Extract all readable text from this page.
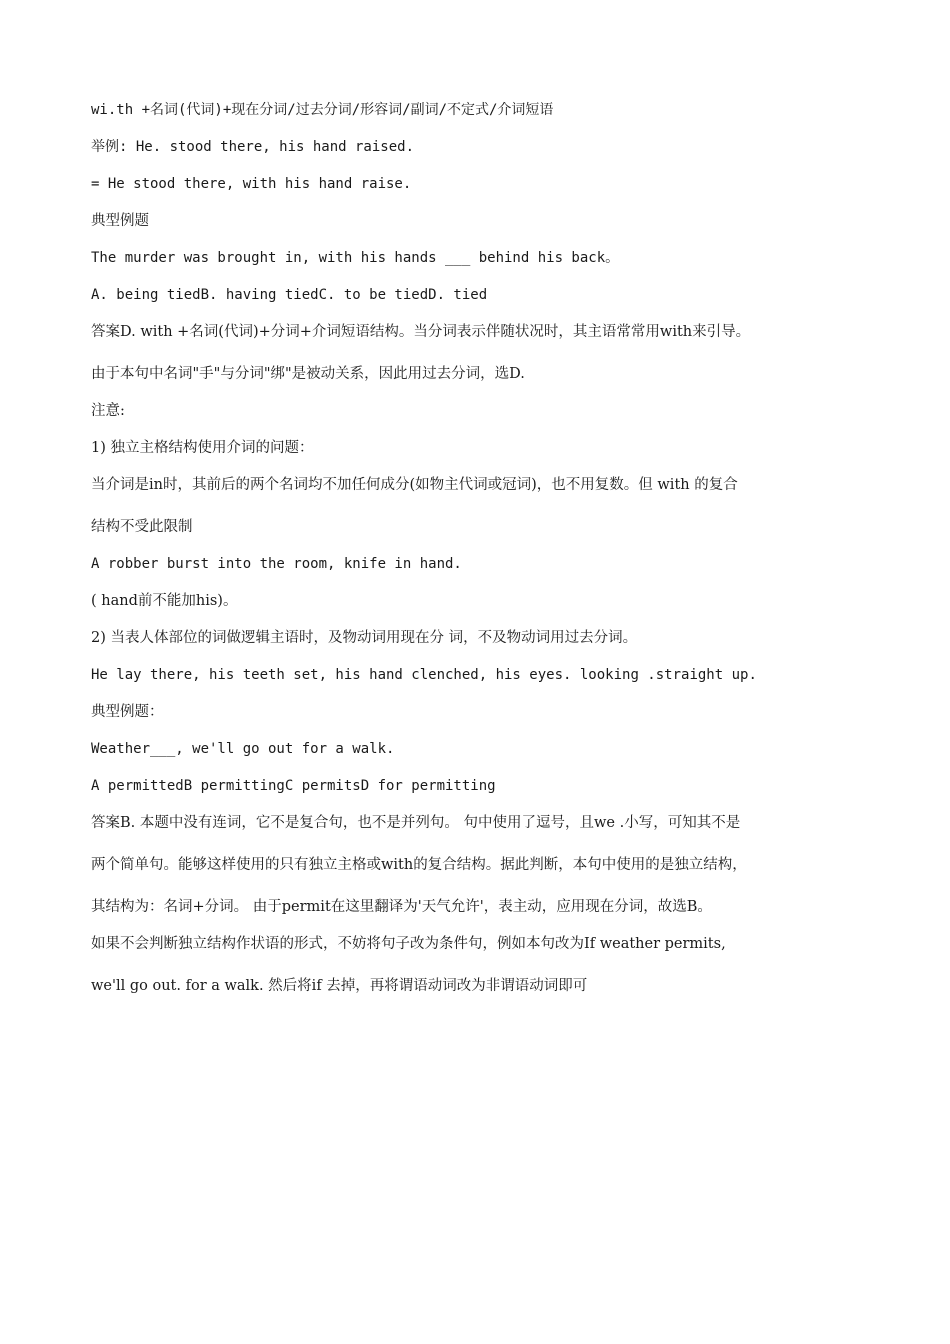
wi.th +名词(代词)+现在分词/过去分词/形容词/副词/不定式/介词短语

举例: He. stood there, his hand raised.

= He stood there, with his hand raise.

典型例题

The murder was brought in, with his hands ___ behind his back。

A. being tiedB. having tiedC. to be tiedD. tied

答案D. with +名词(代词)+分词+介词短语结构。当分词表示伴随状况时，其主语常常用with来引导。

由于本句中名词"手"与分词"绑"是被动关系，因此用过去分词，选D.

注意:

1) 独立主格结构使用介词的问题：

当介词是in时，其前后的两个名词均不加任何成分(如物主代词或冠词)，也不用复数。但 with 的复合

结构不受此限制

A robber burst into the room, knife in hand.

( hand前不能加his)。

2) 当表人体部位的词做逻辑主语时，及物动词用现在分 词，不及物动词用过去分词。

He lay there, his teeth set, his hand clenched, his eyes. looking .straight up.

典型例题：

Weather___, we'll go out for a walk.

A permittedB permittingC permitsD for permitting

答案B. 本题中没有连词，它不是复合句，也不是并列句。 句中使用了逗号，且we .小写，可知其不是

两个简单句。能够这样使用的只有独立主格或with的复合结构。据此判断，本句中使用的是独立结构，

其结构为：名词+分词。 由于permit在这里翻译为'天气允许'，表主动，应用现在分词，故选B。

如果不会判断独立结构作状语的形式，不妨将句子改为条件句，例如本句改为If weather permits,

we'll go out. for a walk. 然后将if 去掉，再将谓语动词改为非谓语动词即可
